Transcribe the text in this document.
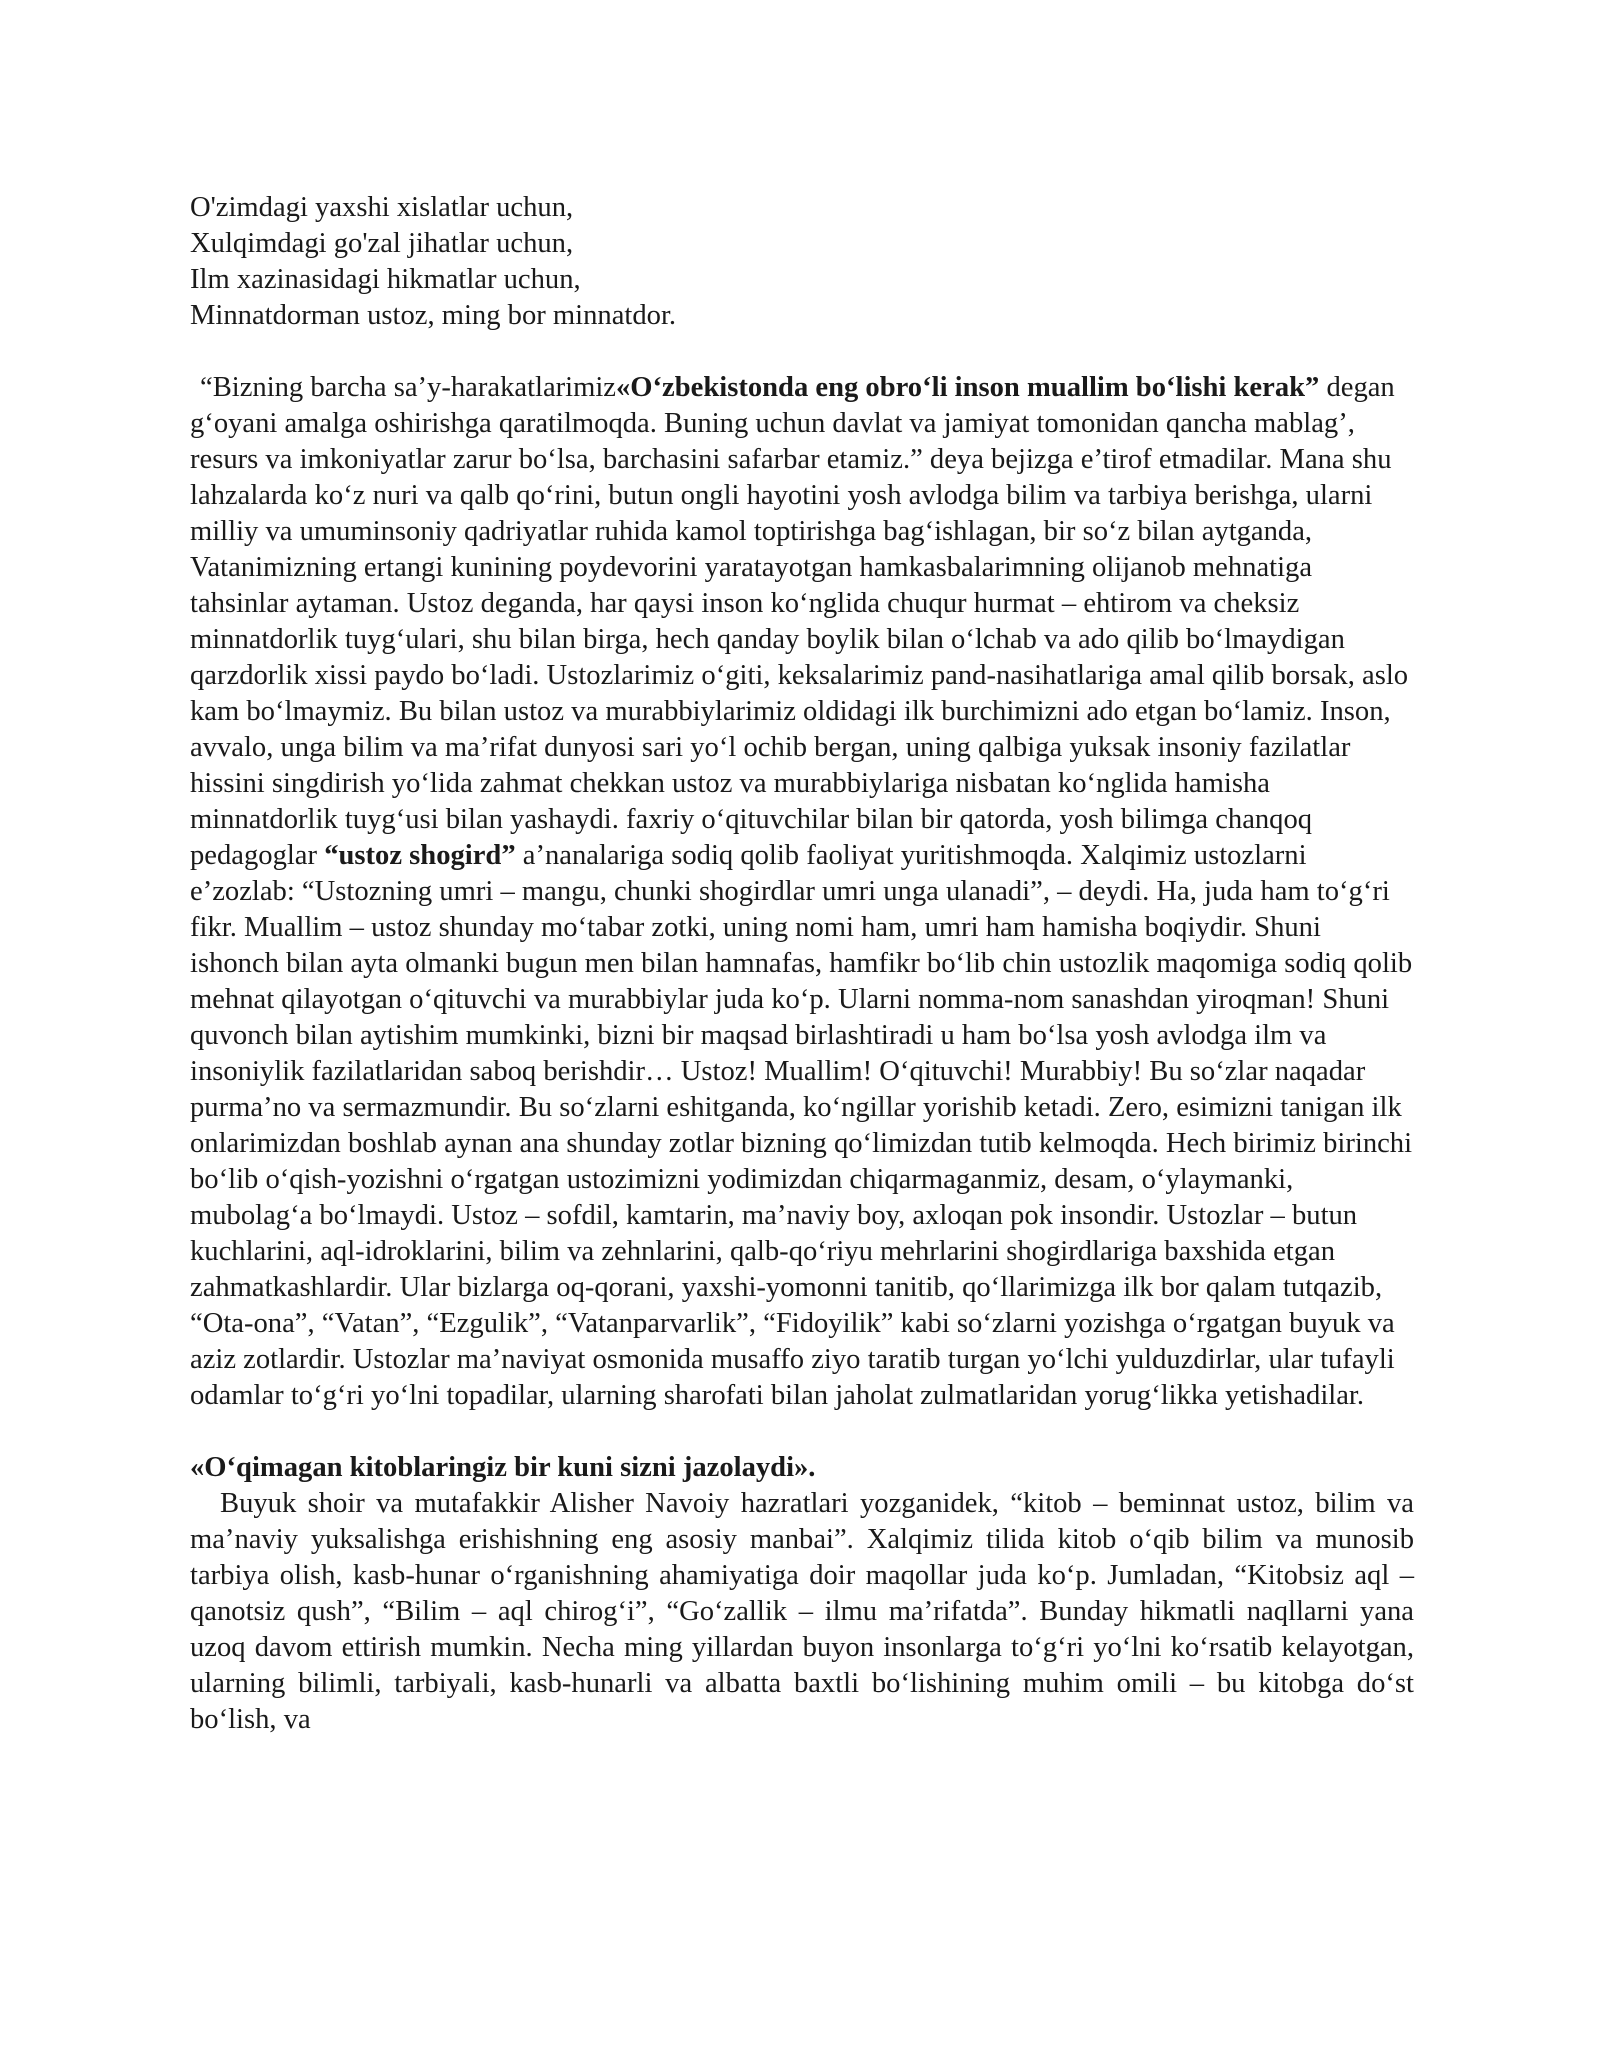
O'zimdagi yaxshi xislatlar uchun,
Xulqimdagi go'zal jihatlar uchun,
Ilm xazinasidagi hikmatlar uchun,
Minnatdorman ustoz, ming bor minnatdor.

“Bizning barcha sa’y-harakatlarimiz«O‘zbekistonda eng obro‘li inson muallim bo‘lishi kerak” degan g‘oyani amalga oshirishga qaratilmoqda. Buning uchun davlat va jamiyat tomonidan qancha mablag’, resurs va imkoniyatlar zarur bo‘lsa, barchasini safarbar etamiz.” deya bejizga e’tirof etmadilar. Mana shu lahzalarda ko‘z nuri va qalb qo‘rini, butun ongli hayotini yosh avlodga bilim va tarbiya berishga, ularni milliy va umuminsoniy qadriyatlar ruhida kamol toptirishga bag‘ishlagan, bir so‘z bilan aytganda, Vatanimizning ertangi kunining poydevorini yaratayotgan hamkasbalarimning olijanob mehnatiga tahsinlar aytaman. Ustoz deganda, har qaysi inson ko‘nglida chuqur hurmat – ehtirom va cheksiz minnatdorlik tuyg‘ulari, shu bilan birga, hech qanday boylik bilan o‘lchab va ado qilib bo‘lmaydigan qarzdorlik xissi paydo bo‘ladi. Ustozlarimiz o‘giti, keksalarimiz pand-nasihatlariga amal qilib borsak, aslo kam bo‘lmaymiz. Bu bilan ustoz va murabbiylarimiz oldidagi ilk burchimizni ado etgan bo‘lamiz. Inson, avvalo, unga bilim va ma’rifat dunyosi sari yo‘l ochib bergan, uning qalbiga yuksak insoniy fazilatlar hissini singdirish yo‘lida zahmat chekkan ustoz va murabbiylariga nisbatan ko‘nglida hamisha minnatdorlik tuyg‘usi bilan yashaydi. faxriy o‘qituvchilar bilan bir qatorda, yosh bilimga chanqoq pedagoglar “ustoz shogird” a’nanalariga sodiq qolib faoliyat yuritishmoqda. Xalqimiz ustozlarni e’zozlab: “Ustozning umri – mangu, chunki shogirdlar umri unga ulanadi”, – deydi. Ha, juda ham to‘g‘ri fikr. Muallim – ustoz shunday mo‘tabar zotki, uning nomi ham, umri ham hamisha boqiydir. Shuni ishonch bilan ayta olmanki bugun men bilan hamnafas, hamfikr bo‘lib chin ustozlik maqomiga sodiq qolib mehnat qilayotgan o‘qituvchi va murabbiylar juda ko‘p. Ularni nomma-nom sanashdan yiroqman! Shuni quvonch bilan aytishim mumkinki, bizni bir maqsad birlashtiradi u ham bo‘lsa yosh avlodga ilm va insoniylik fazilatlaridan saboq berishdir… Ustoz! Muallim! O‘qituvchi! Murabbiy! Bu so‘zlar naqadar purma’no va sermazmundir. Bu so‘zlarni eshitganda, ko‘ngillar yorishib ketadi. Zero, esimizni tanigan ilk onlarimizdan boshlab aynan ana shunday zotlar bizning qo‘limizdan tutib kelmoqda. Hech birimiz birinchi bo‘lib o‘qish-yozishni o‘rgatgan ustozimizni yodimizdan chiqarmaganmiz, desam, o‘ylaymanki, mubolag‘a bo‘lmaydi. Ustoz – sofdil, kamtarin, ma’naviy boy, axloqan pok insondir. Ustozlar – butun kuchlarini, aql-idroklarini, bilim va zehnlarini, qalb-qo‘riyu mehrlarini shogirdlariga baxshida etgan zahmatkashlardir. Ular bizlarga oq-qorani, yaxshi-yomonni tanitib, qo‘llarimizga ilk bor qalam tutqazib, “Ota-ona”, “Vatan”, “Ezgulik”, “Vatanparvarlik”, “Fidoyilik” kabi so‘zlarni yozishga o‘rgatgan buyuk va aziz zotlardir. Ustozlar ma’naviyat osmonida musaffo ziyo taratib turgan yo‘lchi yulduzdirlar, ular tufayli odamlar to‘g‘ri yo‘lni topadilar, ularning sharofati bilan jaholat zulmatlaridan yorug‘likka yetishadilar.

«O‘qimagan kitoblaringiz bir kuni sizni jazolaydi».

Buyuk shoir va mutafakkir Alisher Navoiy hazratlari yozganidek, “kitob – beminnat ustoz, bilim va ma’naviy yuksalishga erishishning eng asosiy manbai”. Xalqimiz tilida kitob o‘qib bilim va munosib tarbiya olish, kasb-hunar o‘rganishning ahamiyatiga doir maqollar juda ko‘p. Jumladan, “Kitobsiz aql – qanotsiz qush”, “Bilim – aql chirog‘i”, “Go‘zallik – ilmu ma’rifatda”. Bunday hikmatli naqllarni yana uzoq davom ettirish mumkin. Necha ming yillardan buyon insonlarga to‘g‘ri yo‘lni ko‘rsatib kelayotgan, ularning bilimli, tarbiyali, kasb-hunarli va albatta baxtli bo‘lishining muhim omili – bu kitobga do‘st bo‘lish, va
